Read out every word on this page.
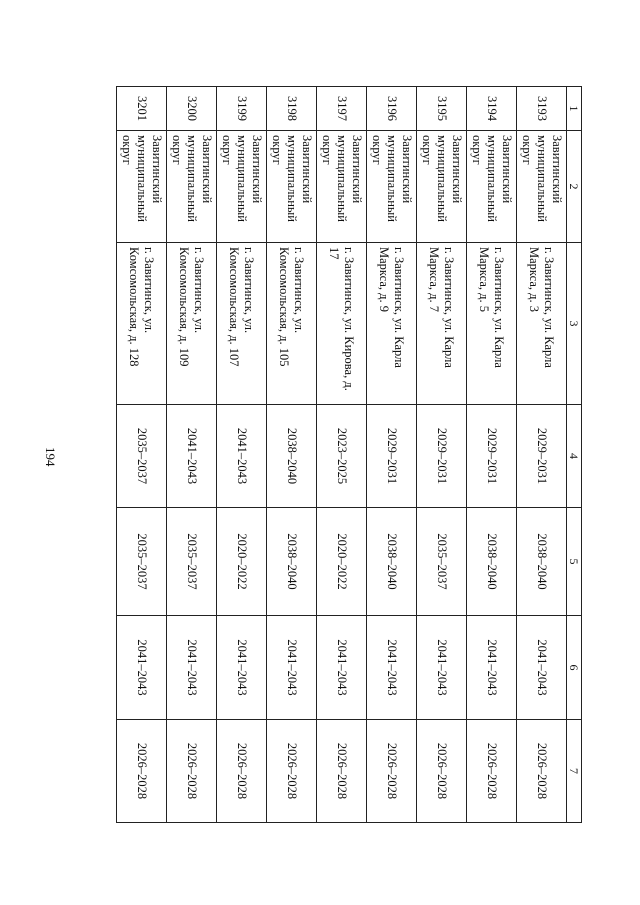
194
1	2	3	4	5	6	7
3193	Завитинский муниципальный округ	г. Завитинск, ул. Карла Маркса, д. 3	2029–2031	2038–2040	2041–2043	2026–2028
3194	Завитинский муниципальный округ	г. Завитинск, ул. Карла Маркса, д. 5	2029–2031	2038–2040	2041–2043	2026–2028
3195	Завитинский муниципальный округ	г. Завитинск, ул. Карла Маркса, д. 7	2029–2031	2035–2037	2041–2043	2026–2028
3196	Завитинский муниципальный округ	г. Завитинск, ул. Карла Маркса, д. 9	2029–2031	2038–2040	2041–2043	2026–2028
3197	Завитинский муниципальный округ	г. Завитинск, ул. Кирова, д. 17	2023–2025	2020–2022	2041–2043	2026–2028
3198	Завитинский муниципальный округ	г. Завитинск, ул. Комсомольская, д. 105	2038–2040	2038–2040	2041–2043	2026–2028
3199	Завитинский муниципальный округ	г. Завитинск, ул. Комсомольская, д. 107	2041–2043	2020–2022	2041–2043	2026–2028
3200	Завитинский муниципальный округ	г. Завитинск, ул. Комсомольская, д. 109	2041–2043	2035–2037	2041–2043	2026–2028
3201	Завитинский муниципальный округ	г. Завитинск, ул. Комсомольская, д. 128	2035–2037	2035–2037	2041–2043	2026–2028
